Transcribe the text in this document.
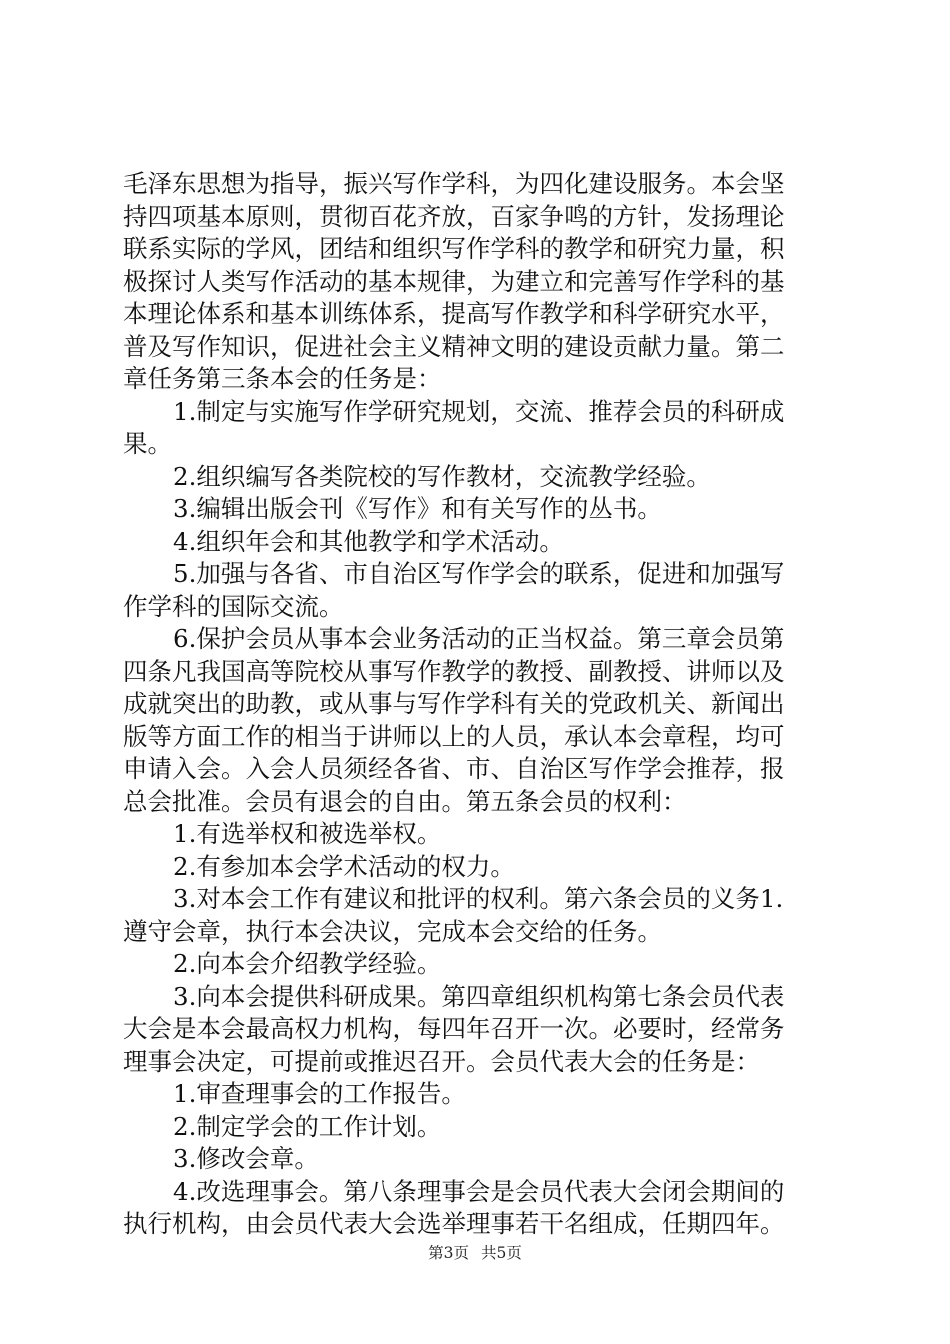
毛泽东思想为指导，振兴写作学科，为四化建设服务。本会坚
持四项基本原则，贯彻百花齐放，百家争鸣的方针，发扬理论
联系实际的学风，团结和组织写作学科的教学和研究力量，积
极探讨人类写作活动的基本规律，为建立和完善写作学科的基
本理论体系和基本训练体系，提高写作教学和科学研究水平，
普及写作知识，促进社会主义精神文明的建设贡献力量。第二
章任务第三条本会的任务是：
1.制定与实施写作学研究规划，交流、推荐会员的科研成
果。
2.组织编写各类院校的写作教材，交流教学经验。
3.编辑出版会刊《写作》和有关写作的丛书。
4.组织年会和其他教学和学术活动。
5.加强与各省、市自治区写作学会的联系，促进和加强写
作学科的国际交流。
6.保护会员从事本会业务活动的正当权益。第三章会员第
四条凡我国高等院校从事写作教学的教授、副教授、讲师以及
成就突出的助教，或从事与写作学科有关的党政机关、新闻出
版等方面工作的相当于讲师以上的人员，承认本会章程，均可
申请入会。入会人员须经各省、市、自治区写作学会推荐，报
总会批准。会员有退会的自由。第五条会员的权利：
1.有选举权和被选举权。
2.有参加本会学术活动的权力。
3.对本会工作有建议和批评的权利。第六条会员的义务1.
遵守会章，执行本会决议，完成本会交给的任务。
2.向本会介绍教学经验。
3.向本会提供科研成果。第四章组织机构第七条会员代表
大会是本会最高权力机构，每四年召开一次。必要时，经常务
理事会决定，可提前或推迟召开。会员代表大会的任务是：
1.审查理事会的工作报告。
2.制定学会的工作计划。
3.修改会章。
4.改选理事会。第八条理事会是会员代表大会闭会期间的
执行机构，由会员代表大会选举理事若干名组成，任期四年。
第3页 共5页
